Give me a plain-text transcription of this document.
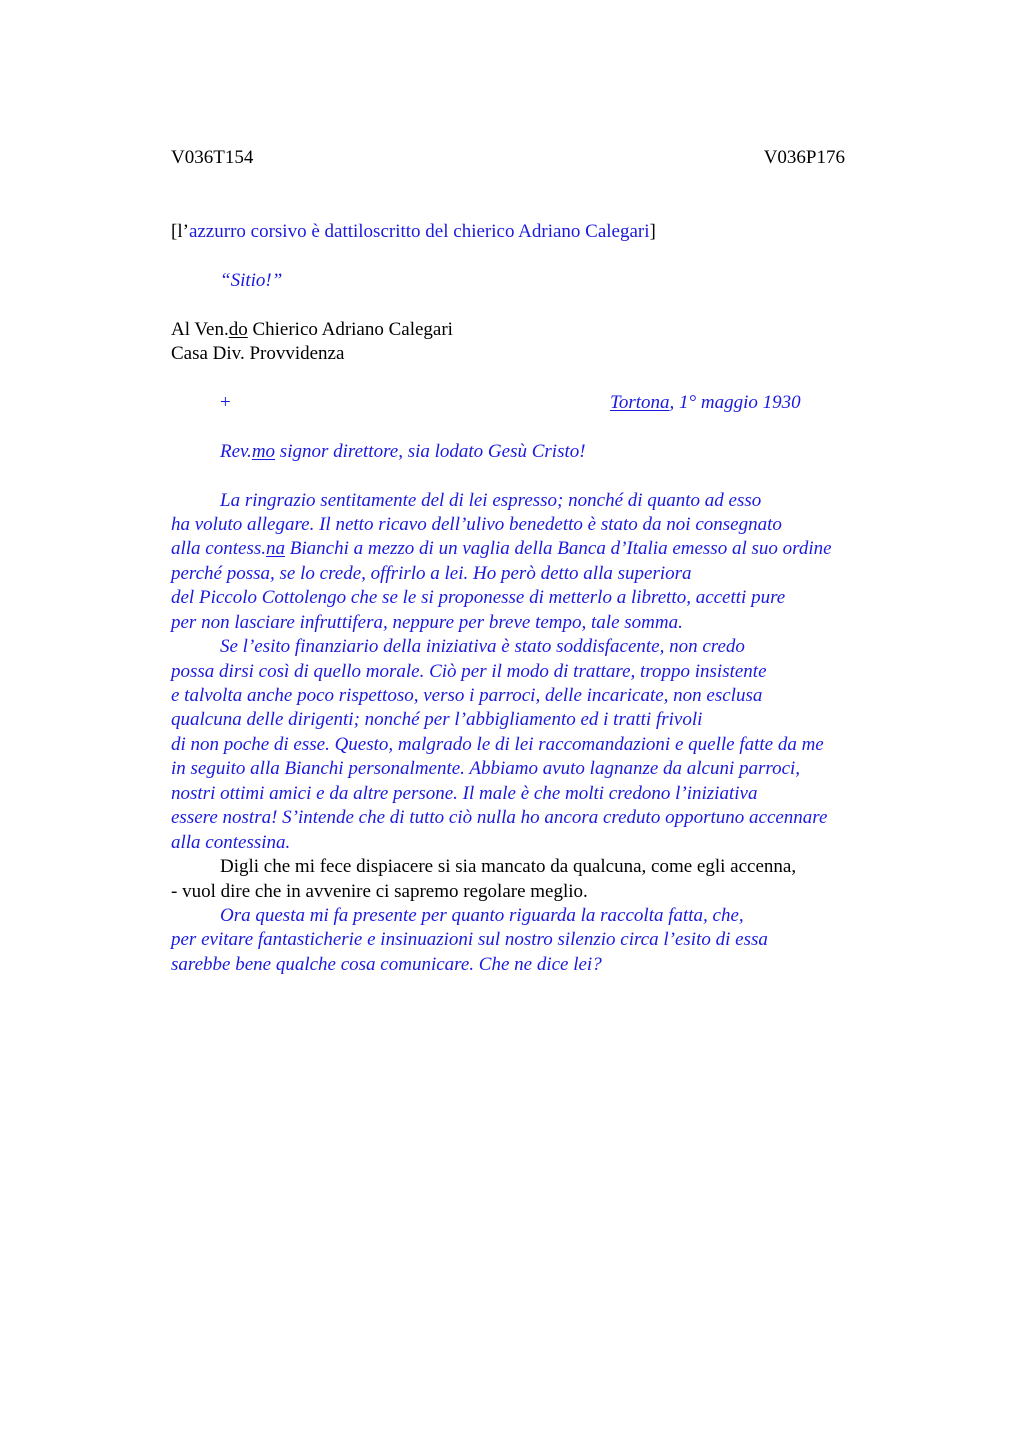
V036T154	V036P176
[l’azzurro corsivo è dattiloscritto del chierico Adriano Calegari]
“Sitio!”
Al Ven.do Chierico Adriano Calegari
Casa Div. Provvidenza
+	Tortona, 1° maggio 1930
Rev.mo signor direttore, sia lodato Gesù Cristo!
La ringrazio sentitamente del di lei espresso; nonché di quanto ad esso
ha voluto allegare. Il netto ricavo dell’ulivo benedetto è stato da noi consegnato
alla contess.na Bianchi a mezzo di un vaglia della Banca d’Italia emesso al suo ordine
perché possa, se lo crede, offrirlo a lei. Ho però detto alla superiora
del Piccolo Cottolengo che se le si proponesse di metterlo a libretto, accetti pure
per non lasciare infruttifera, neppure per breve tempo, tale somma.
Se l’esito finanziario della iniziativa è stato soddisfacente, non credo
possa dirsi così di quello morale. Ciò per il modo di trattare, troppo insistente
e talvolta anche poco rispettoso, verso i parroci, delle incaricate, non esclusa
qualcuna delle dirigenti; nonché per l’abbigliamento ed i tratti frivoli
di non poche di esse. Questo, malgrado le di lei raccomandazioni e quelle fatte da me
in seguito alla Bianchi personalmente. Abbiamo avuto lagnanze da alcuni parroci,
nostri ottimi amici e da altre persone. Il male è che molti credono l’iniziativa
essere nostra! S’intende che di tutto ciò nulla ho ancora creduto opportuno accennare
alla contessina.
Digli che mi fece dispiacere si sia mancato da qualcuna, come egli accenna,
- vuol dire che in avvenire ci sapremo regolare meglio.
Ora questa mi fa presente per quanto riguarda la raccolta fatta, che,
per evitare fantasticherie e insinuazioni sul nostro silenzio circa l’esito di essa
sarebbe bene qualche cosa comunicare. Che ne dice lei?
